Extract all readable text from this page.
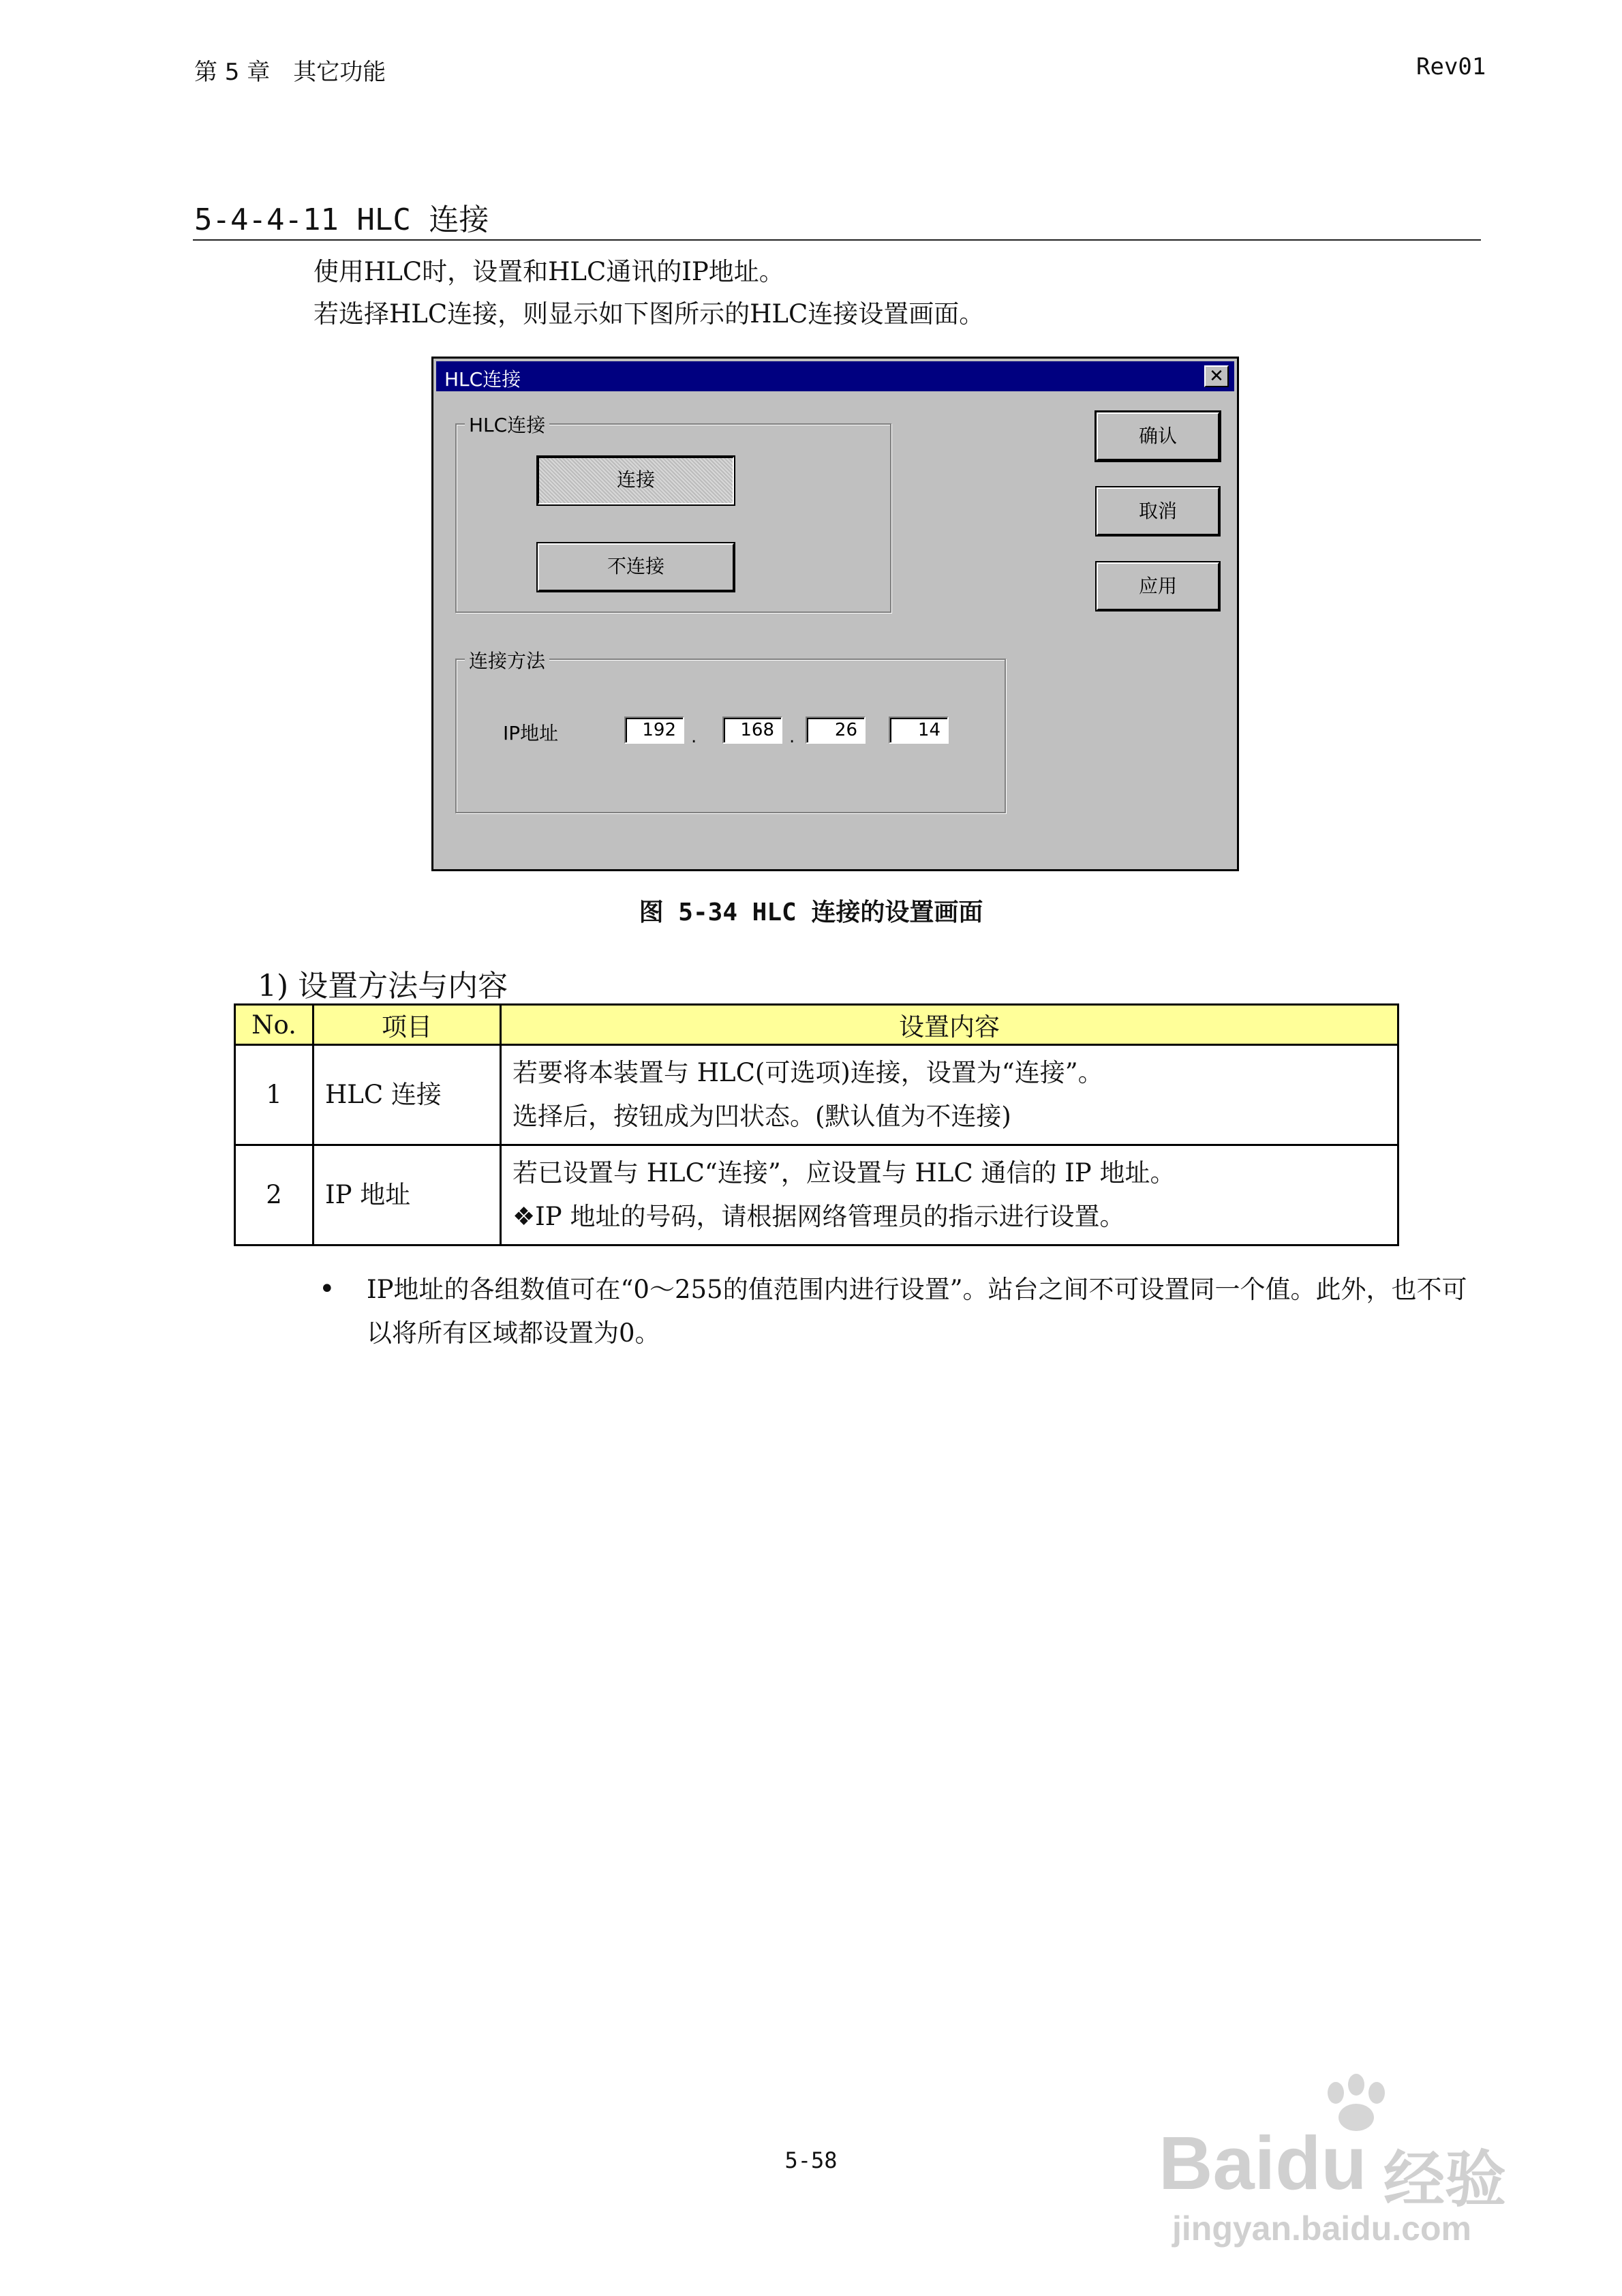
第 5 章　其它功能	Rev01
5-4-4-11 HLC 连接
使用HLC时，设置和HLC通讯的IP地址。
若选择HLC连接，则显示如下图所示的HLC连接设置画面。
HLC连接	✕
HLC连接
连接
不连接
连接方法
IP地址	192 .	168 .	26	14
确认
取消
应用
图 5-34 HLC 连接的设置画面
1) 设置方法与内容
No.	项目	设置内容
1	HLC 连接	若要将本装置与 HLC(可选项)连接，设置为“连接”。
选择后，按钮成为凹状态。(默认值为不连接)

2	IP 地址	若已设置与 HLC“连接”，应设置与 HLC 通信的 IP 地址。
❖IP 地址的号码，请根据网络管理员的指示进行设置。
• IP地址的各组数值可在“0～255的值范围内进行设置”。站台之间不可设置同一个值。此外，也不可以将所有区域都设置为0。
5-58	Baidu 经验
jingyan.baidu.com
